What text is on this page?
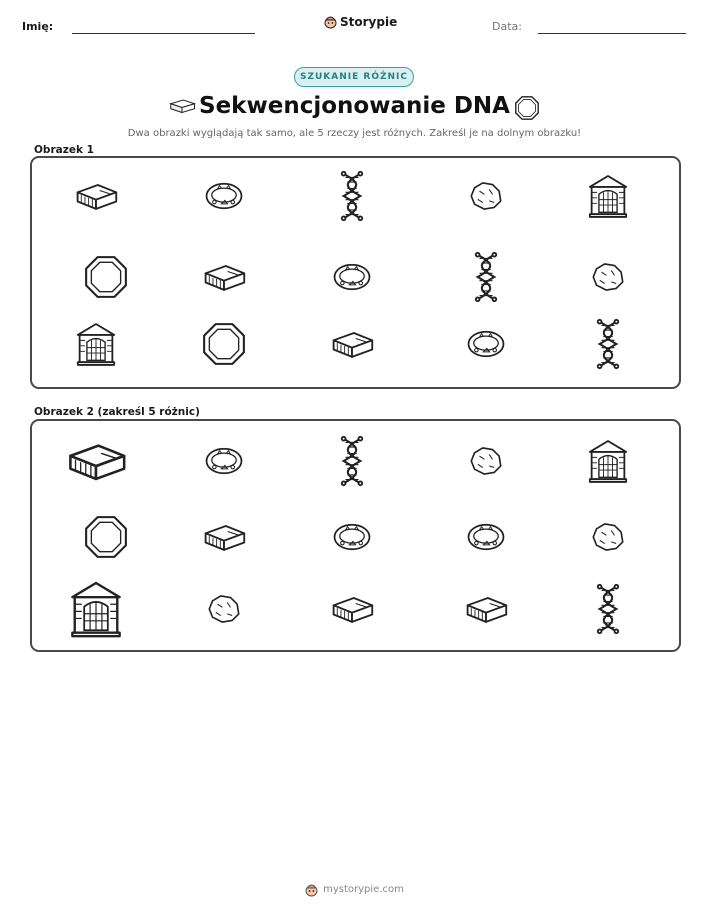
Imię:	Storypie	Data:
SZUKANIE RÓŻNIC
Sekwencjonowanie DNA
Dwa obrazki wyglądają tak samo, ale 5 rzeczy jest różnych. Zakreśl je na dolnym obrazku!
Obrazek 1
Obrazek 2 (zakreśl 5 różnic)
mystorypie.com
